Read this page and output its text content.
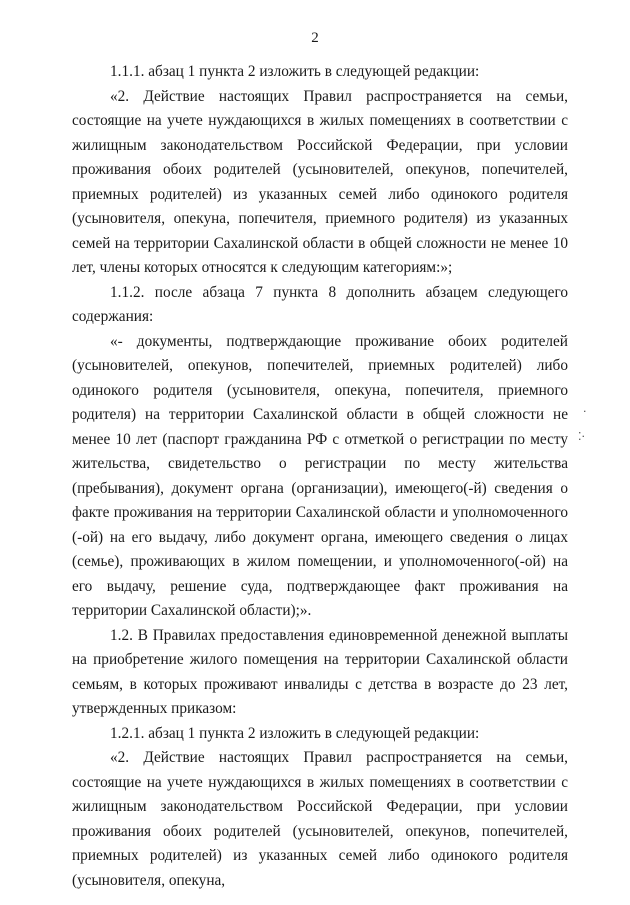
2

1.1.1. абзац 1 пункта 2 изложить в следующей редакции:

«2. Действие настоящих Правил распространяется на семьи, состоящие на учете нуждающихся в жилых помещениях в соответствии с жилищным законодательством Российской Федерации, при условии проживания обоих родителей (усыновителей, опекунов, попечителей, приемных родителей) из указанных семей либо одинокого родителя (усыновителя, опекуна, попечителя, приемного родителя) из указанных семей на территории Сахалинской области в общей сложности не менее 10 лет, члены которых относятся к следующим категориям:»;

1.1.2. после абзаца 7 пункта 8 дополнить абзацем следующего содержания:

«- документы, подтверждающие проживание обоих родителей (усыновителей, опекунов, попечителей, приемных родителей) либо одинокого родителя (усыновителя, опекуна, попечителя, приемного родителя) на территории Сахалинской области в общей сложности не менее 10 лет (паспорт гражданина РФ с отметкой о регистрации по месту жительства, свидетельство о регистрации по месту жительства (пребывания), документ органа (организации), имеющего(-й) сведения о факте проживания на территории Сахалинской области и уполномоченного (-ой) на его выдачу, либо документ органа, имеющего сведения о лицах (семье), проживающих в жилом помещении, и уполномоченного(-ой) на его выдачу, решение суда, подтверждающее факт проживания на территории Сахалинской области);».

1.2. В Правилах предоставления единовременной денежной выплаты на приобретение жилого помещения на территории Сахалинской области семьям, в которых проживают инвалиды с детства в возрасте до 23 лет, утвержденных приказом:

1.2.1. абзац 1 пункта 2 изложить в следующей редакции:

«2. Действие настоящих Правил распространяется на семьи, состоящие на учете нуждающихся в жилых помещениях в соответствии с жилищным законодательством Российской Федерации, при условии проживания обоих родителей (усыновителей, опекунов, попечителей, приемных родителей) из указанных семей либо одинокого родителя (усыновителя, опекуна,

·
⁚·
